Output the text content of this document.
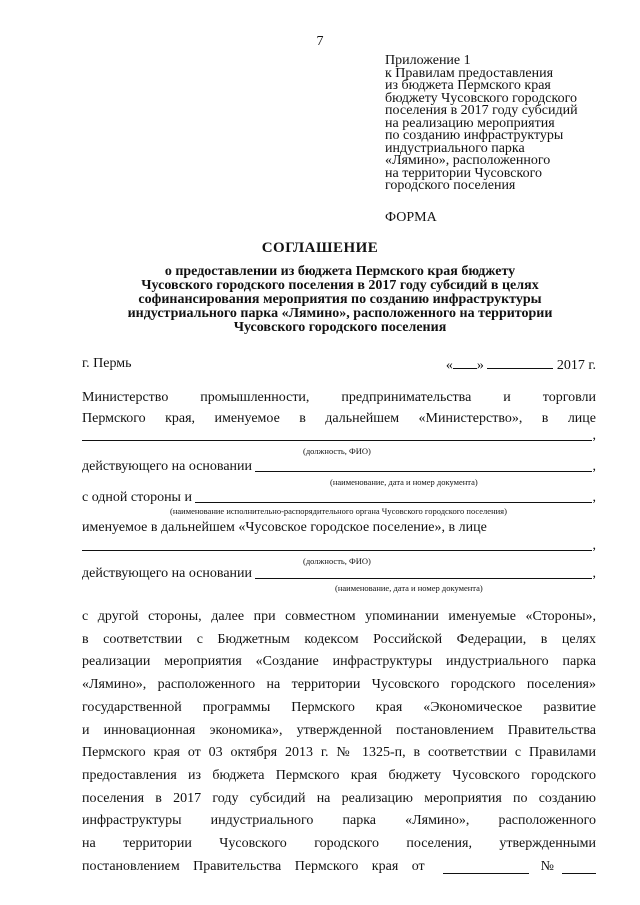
7
Приложение 1
к Правилам предоставления
из бюджета Пермского края
бюджету Чусовского городского
поселения в 2017 году субсидий
на реализацию мероприятия
по созданию инфраструктуры
индустриального парка
«Лямино», расположенного
на территории Чусовского
городского поселения
ФОРМА
СОГЛАШЕНИЕ
о предоставлении из бюджета Пермского края бюджету
Чусовского городского поселения в 2017 году субсидий в целях
софинансирования мероприятия по созданию инфраструктуры
индустриального парка «Лямино», расположенного на территории
Чусовского городского поселения
г. Пермь	« »	2017 г.
Министерство промышленности, предпринимательства и торговли
Пермского края, именуемое в дальнейшем «Министерство», в лице
,
(должность, ФИО)
действующего на основании	,
(наименование, дата и номер документа)
с одной стороны и	,
(наименование исполнительно-распорядительного органа Чусовского городского поселения)
именуемое в дальнейшем «Чусовское городское поселение», в лице
,
(должность, ФИО)
действующего на основании	,
(наименование, дата и номер документа)
с другой стороны, далее при совместном упоминании именуемые «Стороны»,
в соответствии с Бюджетным кодексом Российской Федерации, в целях
реализации мероприятия «Создание инфраструктуры индустриального парка
«Лямино», расположенного на территории Чусовского городского поселения»
государственной программы Пермского края «Экономическое развитие
и инновационная экономика», утвержденной постановлением Правительства
Пермского края от 03 октября 2013 г. № 1325-п, в соответствии с Правилами
предоставления из бюджета Пермского края бюджету Чусовского городского
поселения в 2017 году субсидий на реализацию мероприятия по созданию
инфраструктуры индустриального парка «Лямино», расположенного
на территории Чусовского городского поселения, утвержденными
постановлением Правительства Пермского края от	№
